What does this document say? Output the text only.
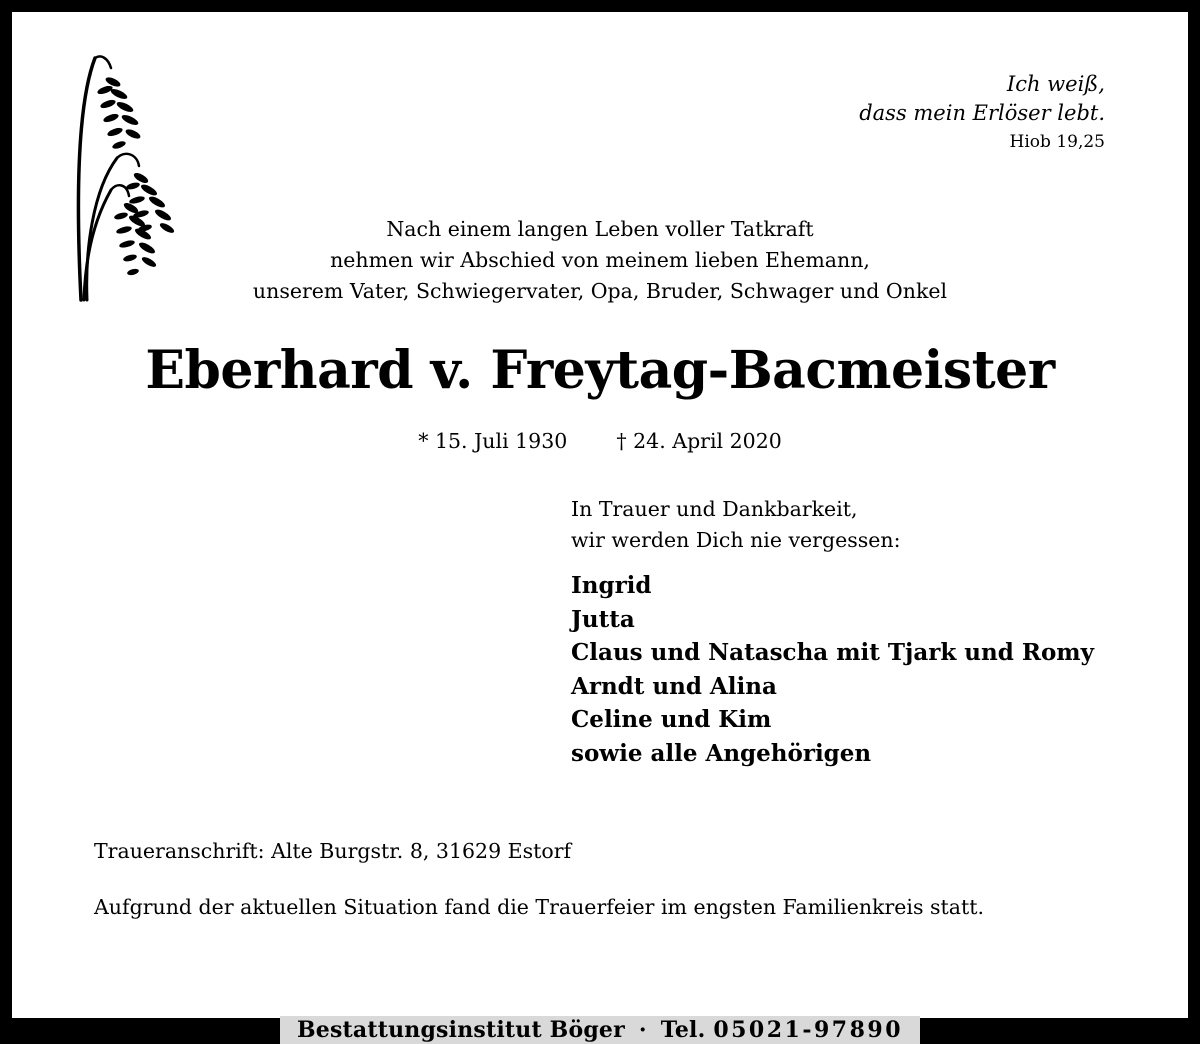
Ich weiß,
dass mein Erlöser lebt.
Hiob 19,25
Nach einem langen Leben voller Tatkraft
nehmen wir Abschied von meinem lieben Ehemann,
unserem Vater, Schwiegervater, Opa, Bruder, Schwager und Onkel
Eberhard v. Freytag-Bacmeister
* 15. Juli 1930 † 24. April 2020
In Trauer und Dankbarkeit,
wir werden Dich nie vergessen:
Ingrid
Jutta
Claus und Natascha mit Tjark und Romy
Arndt und Alina
Celine und Kim
sowie alle Angehörigen
Traueranschrift: Alte Burgstr. 8, 31629 Estorf
Aufgrund der aktuellen Situation fand die Trauerfeier im engsten Familienkreis statt.
Bestattungsinstitut Böger · Tel.
05021-97890
